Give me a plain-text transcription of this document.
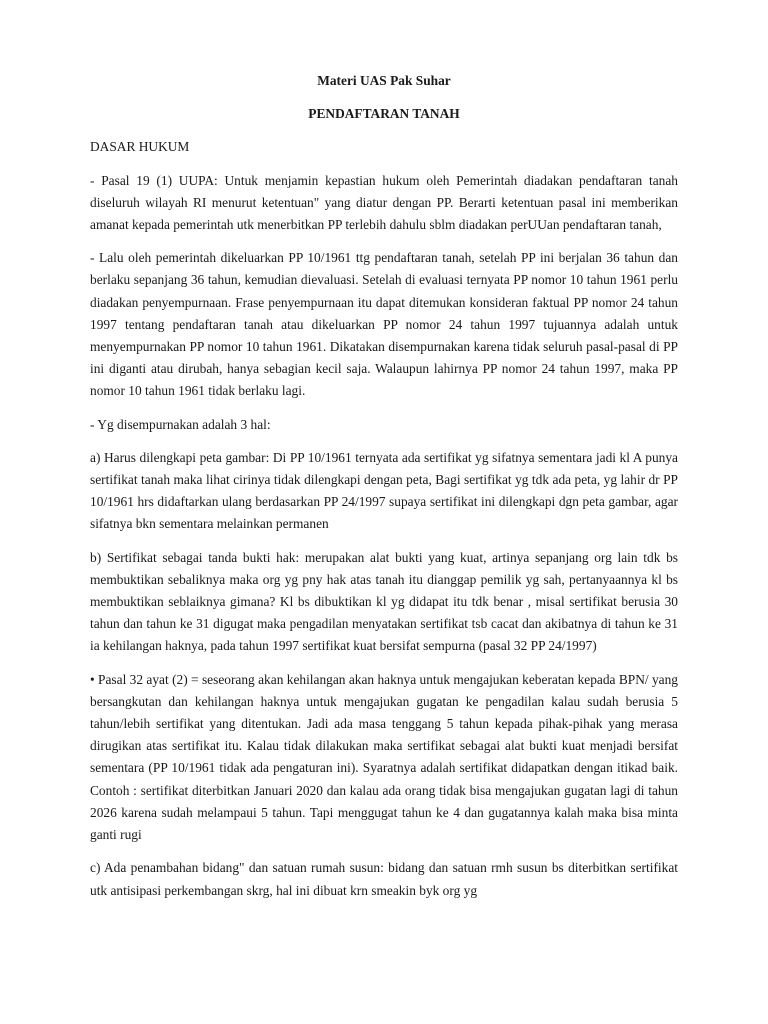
Materi UAS Pak Suhar

PENDAFTARAN TANAH

DASAR HUKUM

- Pasal 19 (1) UUPA: Untuk menjamin kepastian hukum oleh Pemerintah diadakan pendaftaran tanah diseluruh wilayah RI menurut ketentuan" yang diatur dengan PP. Berarti ketentuan pasal ini memberikan amanat kepada pemerintah utk menerbitkan PP terlebih dahulu sblm diadakan perUUan pendaftaran tanah,

- Lalu oleh pemerintah dikeluarkan PP 10/1961 ttg pendaftaran tanah, setelah PP ini berjalan 36 tahun dan berlaku sepanjang 36 tahun, kemudian dievaluasi. Setelah di evaluasi ternyata PP nomor 10 tahun 1961 perlu diadakan penyempurnaan. Frase penyempurnaan itu dapat ditemukan konsideran faktual PP nomor 24 tahun 1997 tentang pendaftaran tanah atau dikeluarkan PP nomor 24 tahun 1997 tujuannya adalah untuk menyempurnakan PP nomor 10 tahun 1961. Dikatakan disempurnakan karena tidak seluruh pasal-pasal di PP ini diganti atau dirubah, hanya sebagian kecil saja. Walaupun lahirnya PP nomor 24 tahun 1997, maka PP nomor 10 tahun 1961 tidak berlaku lagi.

- Yg disempurnakan adalah 3 hal:

a) Harus dilengkapi peta gambar: Di PP 10/1961 ternyata ada sertifikat yg sifatnya sementara jadi kl A punya sertifikat tanah maka lihat cirinya tidak dilengkapi dengan peta, Bagi sertifikat yg tdk ada peta, yg lahir dr PP 10/1961 hrs didaftarkan ulang berdasarkan PP 24/1997 supaya sertifikat ini dilengkapi dgn peta gambar, agar sifatnya bkn sementara melainkan permanen

b) Sertifikat sebagai tanda bukti hak: merupakan alat bukti yang kuat, artinya sepanjang org lain tdk bs membuktikan sebaliknya maka org yg pny hak atas tanah itu dianggap pemilik yg sah, pertanyaannya kl bs membuktikan seblaiknya gimana? Kl bs dibuktikan kl yg didapat itu tdk benar , misal sertifikat berusia 30 tahun dan tahun ke 31 digugat maka pengadilan menyatakan sertifikat tsb cacat dan akibatnya di tahun ke 31 ia kehilangan haknya, pada tahun 1997 sertifikat kuat bersifat sempurna (pasal 32 PP 24/1997)

• Pasal 32 ayat (2) = seseorang akan kehilangan akan haknya untuk mengajukan keberatan kepada BPN/ yang bersangkutan dan kehilangan haknya untuk mengajukan gugatan ke pengadilan kalau sudah berusia 5 tahun/lebih sertifikat yang ditentukan. Jadi ada masa tenggang 5 tahun kepada pihak-pihak yang merasa dirugikan atas sertifikat itu. Kalau tidak dilakukan maka sertifikat sebagai alat bukti kuat menjadi bersifat sementara (PP 10/1961 tidak ada pengaturan ini). Syaratnya adalah sertifikat didapatkan dengan itikad baik. Contoh : sertifikat diterbitkan Januari 2020 dan kalau ada orang tidak bisa mengajukan gugatan lagi di tahun 2026 karena sudah melampaui 5 tahun. Tapi menggugat tahun ke 4 dan gugatannya kalah maka bisa minta ganti rugi

c) Ada penambahan bidang" dan satuan rumah susun: bidang dan satuan rmh susun bs diterbitkan sertifikat utk antisipasi perkembangan skrg, hal ini dibuat krn smeakin byk org yg
